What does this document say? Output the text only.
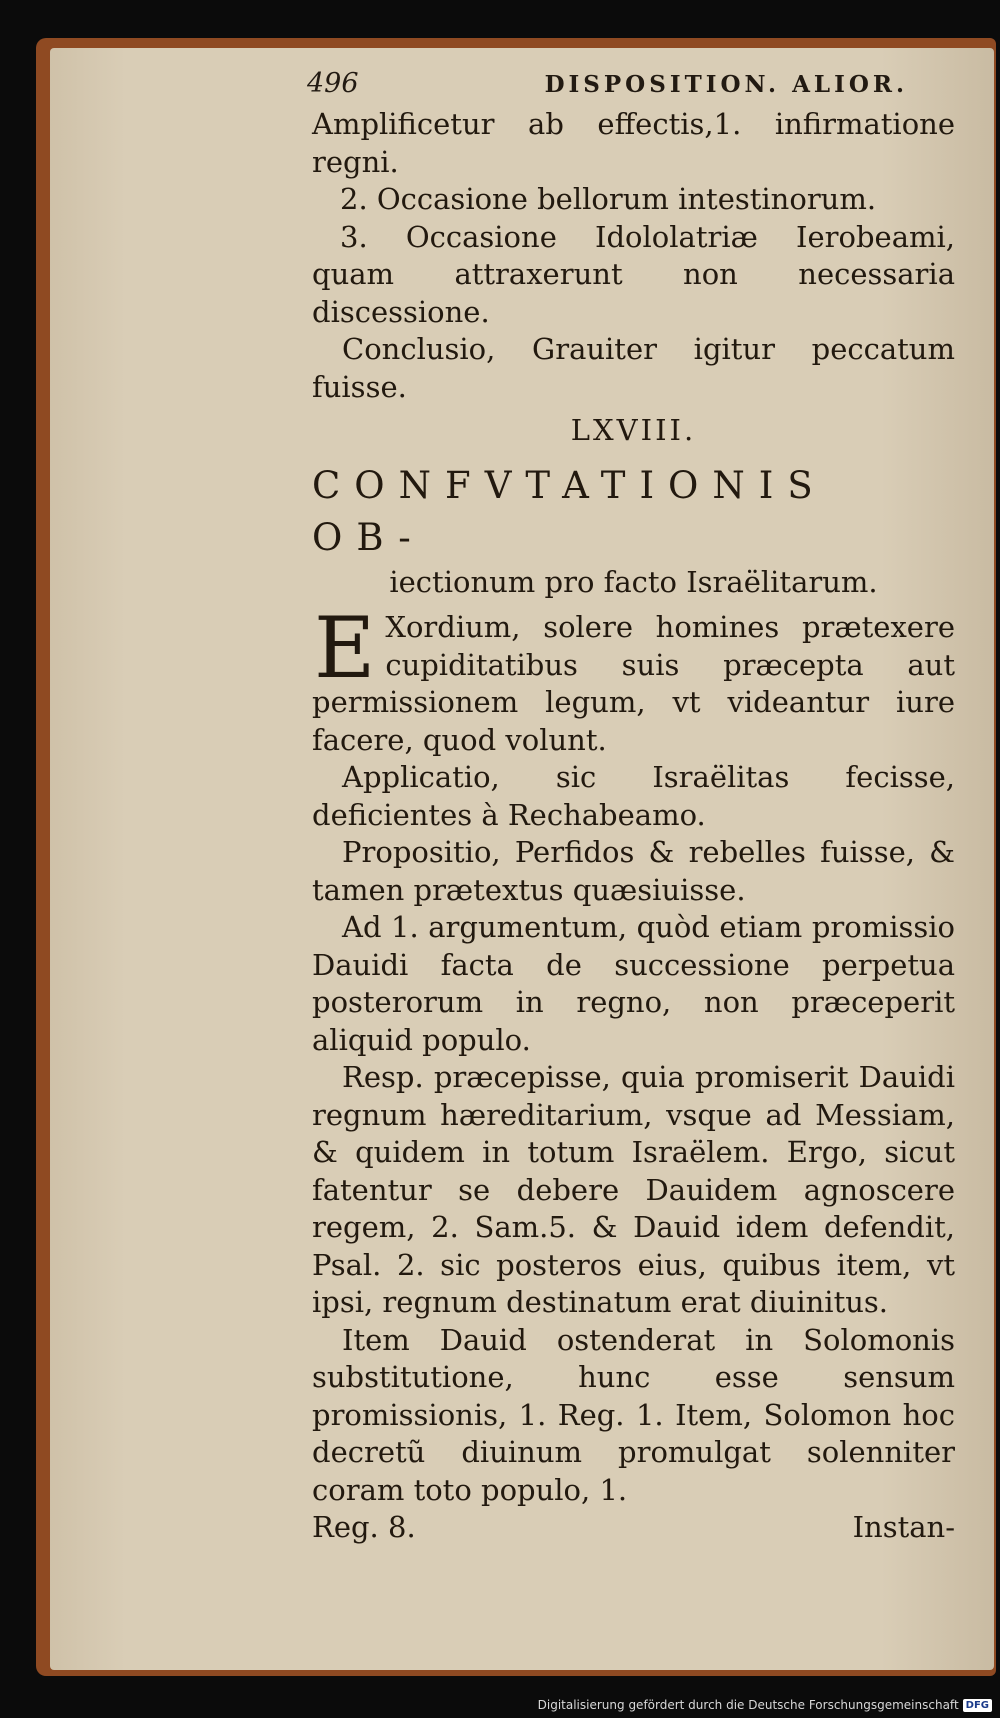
496	DISPOSITION. ALIOR.

Amplificetur ab effectis,1. infirmatione regni.

2. Occasione bellorum intestinorum.

3. Occasione Idololatriæ Ierobeami, quam attraxerunt non necessaria discessione.

Conclusio, Grauiter igitur peccatum fuisse.

LXVIII.

CONFVTATIONIS OB-

iectionum pro facto Israëlitarum.

E Xordium, solere homines prætexere cupiditatibus suis præcepta aut permissionem legum, vt videantur iure facere, quod volunt.

Applicatio, sic Israëlitas fecisse, deficientes à Rechabeamo.

Propositio, Perfidos & rebelles fuisse, & tamen prætextus quæsiuisse.

Ad 1. argumentum, quòd etiam promissio Dauidi facta de successione perpetua posterorum in regno, non præceperit aliquid populo.

Resp. præcepisse, quia promiserit Dauidi regnum hæreditarium, vsque ad Messiam, & quidem in totum Israëlem. Ergo, sicut fatentur se debere Dauidem agnoscere regem, 2. Sam.5. & Dauid idem defendit, Psal. 2. sic posteros eius, quibus item, vt ipsi, regnum destinatum erat diuinitus.

Item Dauid ostenderat in Solomonis substitutione, hunc esse sensum promissionis, 1. Reg. 1. Item, Solomon hoc decretũ diuinum promulgat solenniter coram toto populo, 1.

Reg. 8.	Instan-

Digitalisierung gefördert durch die Deutsche Forschungsgemeinschaft DFG
